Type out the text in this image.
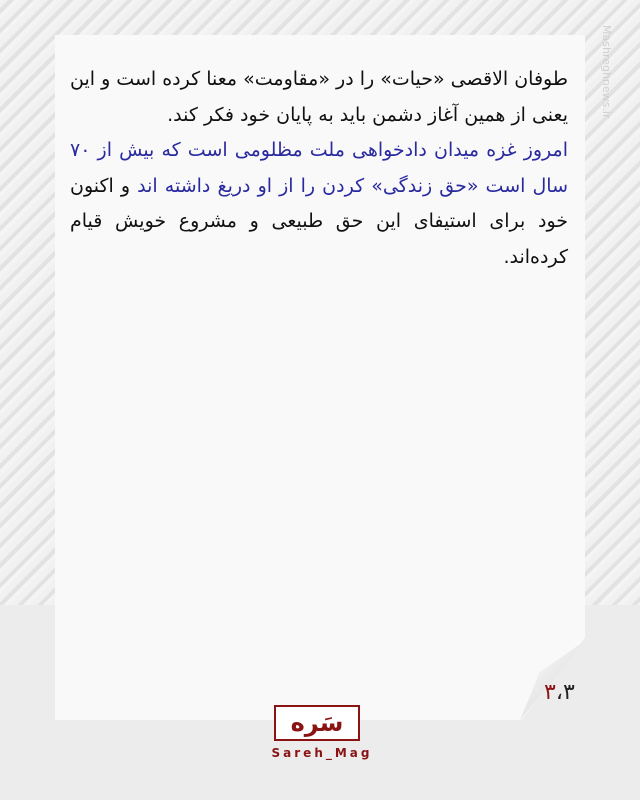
Mashreghnews.ir

طوفان الاقصی «حیات» را در «مقاومت» معنا کرده است و این یعنی از همین آغاز دشمن باید به پایان خود فکر کند.

امروز غزه میدان دادخواهی ملت مظلومی است که بیش از ۷۰ سال است «حق زندگی» کردن را از او دریغ داشته اند و اکنون خود برای استیفای این حق طبیعی و مشروع خویش قیام کرده‌اند.

۳،۳
سَره
Sareh_Mag
